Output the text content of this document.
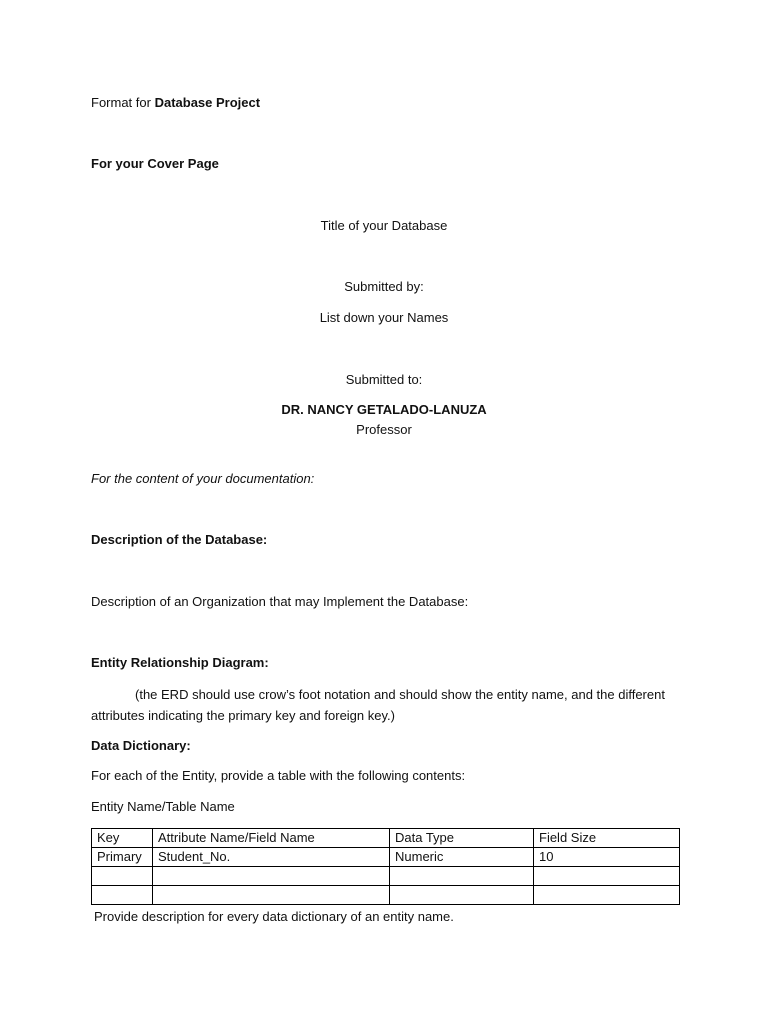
Format for Database Project
For your Cover Page
Title of your Database
Submitted by:
List down your Names
Submitted to:
DR. NANCY GETALADO-LANUZA
Professor
For the content of your documentation:
Description of the Database:
Description of an Organization that may Implement the Database:
Entity Relationship Diagram:
(the ERD should use crow’s foot notation and should show the entity name, and the different attributes indicating the primary key and foreign key.)
Data Dictionary:
For each of the Entity, provide a table with the following contents:
Entity Name/Table Name
Key	Attribute Name/Field Name	Data Type	Field Size
Primary	Student_No.	Numeric	10

Provide description for every data dictionary of an entity name.
